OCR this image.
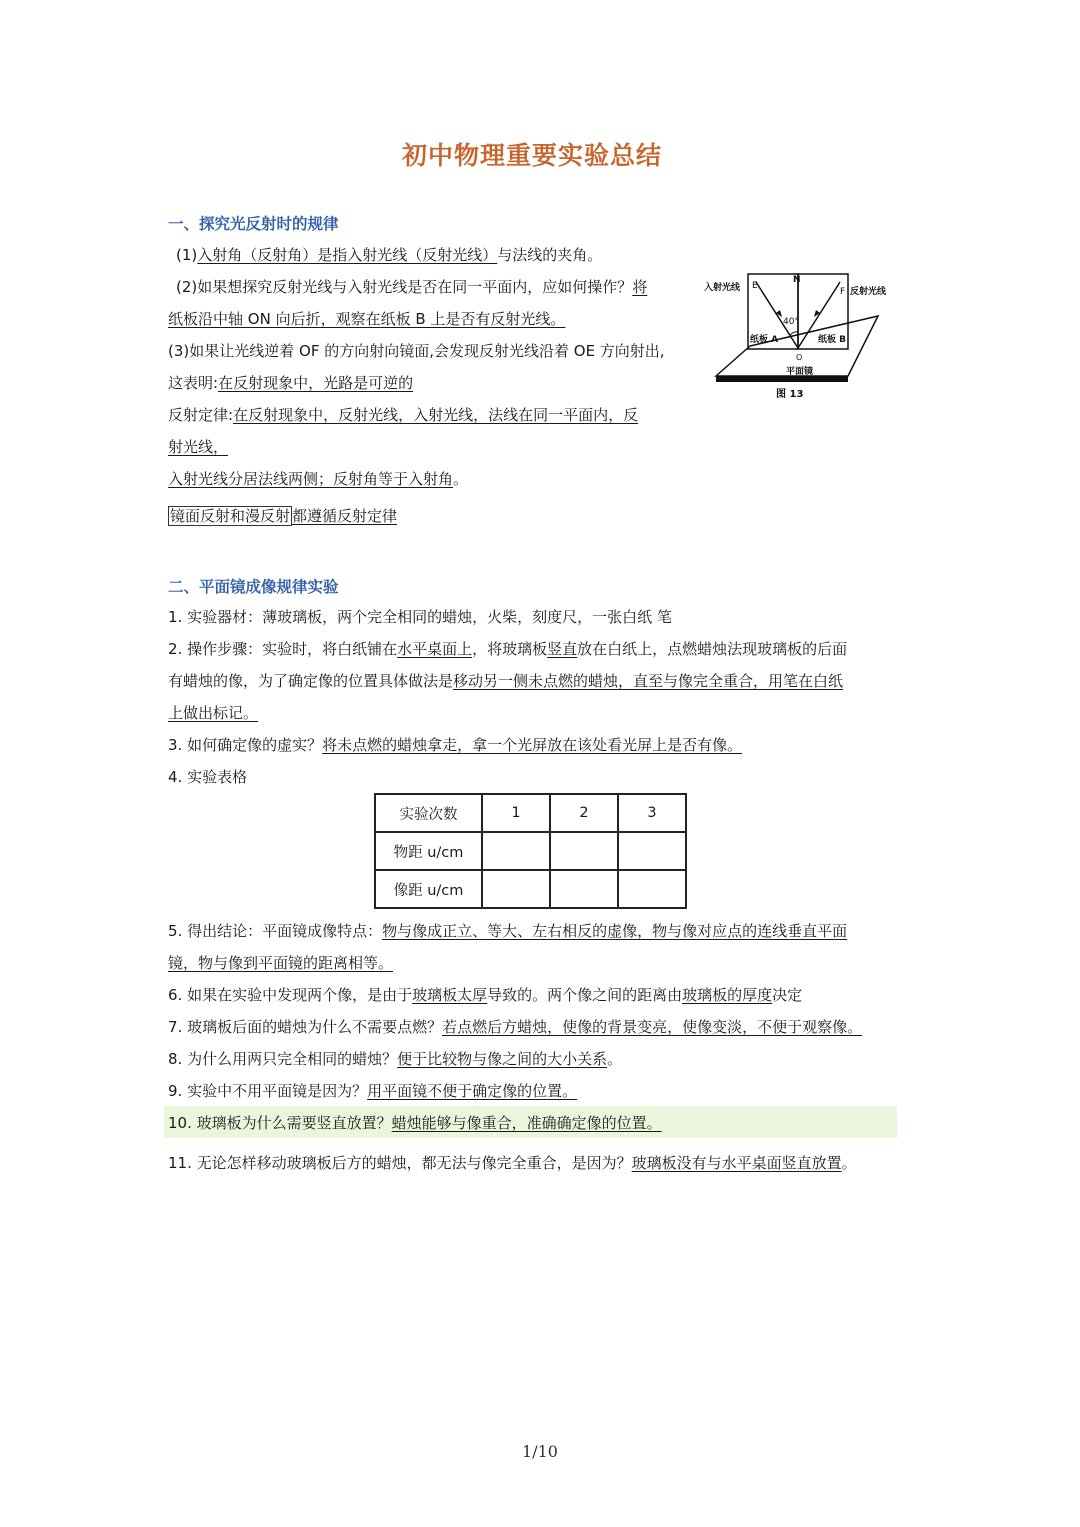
初中物理重要实验总结
一、探究光反射时的规律
(1)入射角（反射角）是指入射光线（反射光线）与法线的夹角。
(2)如果想探究反射光线与入射光线是否在同一平面内，应如何操作？将
纸板沿中轴 ON 向后折，观察在纸板 B 上是否有反射光线。
(3)如果让光线逆着 OF 的方向射向镜面,会发现反射光线沿着 OE 方向射出,
这表明:在反射现象中，光路是可逆的
反射定律:在反射现象中，反射光线，入射光线，法线在同一平面内，反
射光线，
入射光线分居法线两侧；反射角等于入射角。
镜面反射和漫反射 都遵循反射定律
入射光线 E
N
F 反射光线
40°
O
纸板 A	纸板 B
平面镜
图 13
二、平面镜成像规律实验
1. 实验器材：薄玻璃板，两个完全相同的蜡烛，火柴，刻度尺，一张白纸 笔
2. 操作步骤：实验时，将白纸铺在水平桌面上，将玻璃板竖直放在白纸上，点燃蜡烛法现玻璃板的后面
有蜡烛的像，为了确定像的位置具体做法是移动另一侧未点燃的蜡烛，直至与像完全重合，用笔在白纸
上做出标记。
3. 如何确定像的虚实？将未点燃的蜡烛拿走，拿一个光屏放在该处看光屏上是否有像。
4. 实验表格
实验次数	1	2	3
物距 u/cm			
像距 u/cm			
5. 得出结论：平面镜成像特点：物与像成正立、等大、左右相反的虚像，物与像对应点的连线垂直平面
镜，物与像到平面镜的距离相等。
6. 如果在实验中发现两个像，是由于玻璃板太厚导致的。两个像之间的距离由玻璃板的厚度决定
7. 玻璃板后面的蜡烛为什么不需要点燃？若点燃后方蜡烛，使像的背景变亮，使像变淡，不便于观察像。
8. 为什么用两只完全相同的蜡烛？便于比较物与像之间的大小关系。
9. 实验中不用平面镜是因为？用平面镜不便于确定像的位置。
10. 玻璃板为什么需要竖直放置？蜡烛能够与像重合，准确确定像的位置。
11. 无论怎样移动玻璃板后方的蜡烛，都无法与像完全重合，是因为？玻璃板没有与水平桌面竖直放置。
1/10
